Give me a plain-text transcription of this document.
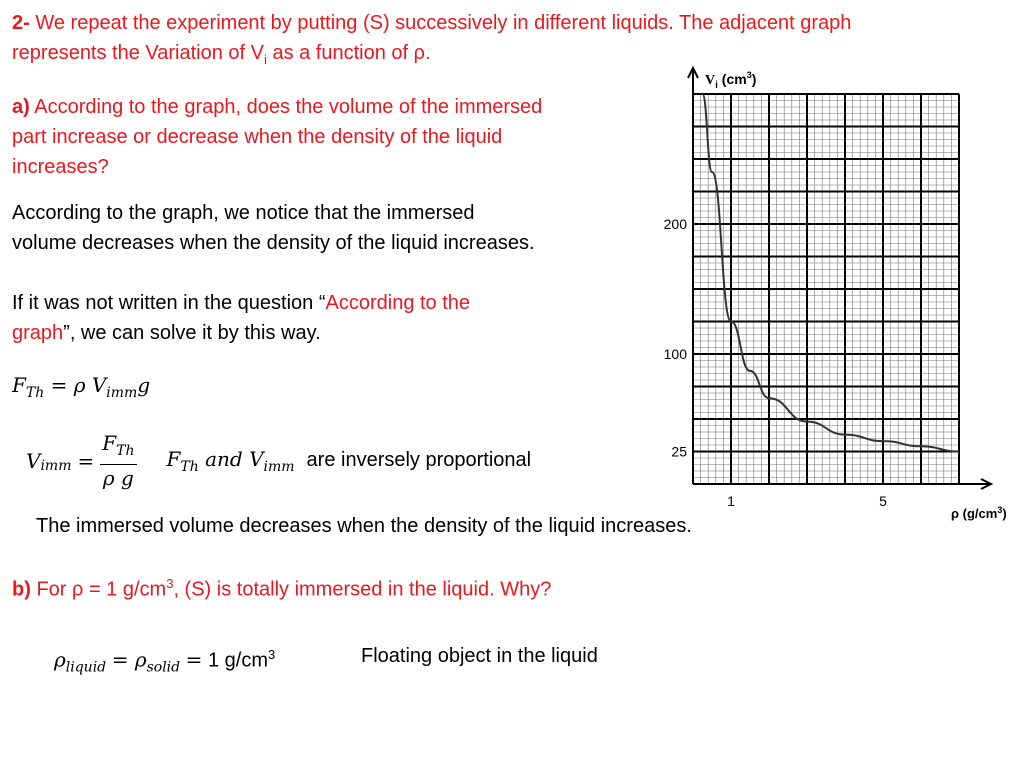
2- We repeat the experiment by putting (S) successively in different liquids. The adjacent graph
represents the Variation of $V_i$ as a function of ρ.
a) According to the graph, does the volume of the immersed
part increase or decrease when the density of the liquid
increases?
According to the graph, we notice that the immersed
volume decreases when the density of the liquid increases.
If it was not written in the question “According to the
graph”, we can solve it by this way.
$F_{Th} = \rho$ $V_{imm}g$
$V_{imm} = \frac{F_{Th}}{\text{ρ g}} F_{Th}$ and $V_{imm}$ are inversely proportional
The immersed volume decreases when the density of the liquid increases.
b) For ρ = 1 $g/cm^3$, (S) is totally immersed in the liquid. Why?
$\rho_{liquid} = \rho_{solid} = 1$ $g/cm^3$	Floating object in the liquid
25
100
200
1	5
$V_i$ $(cm^3)$
ρ $(g/cm^3)$
